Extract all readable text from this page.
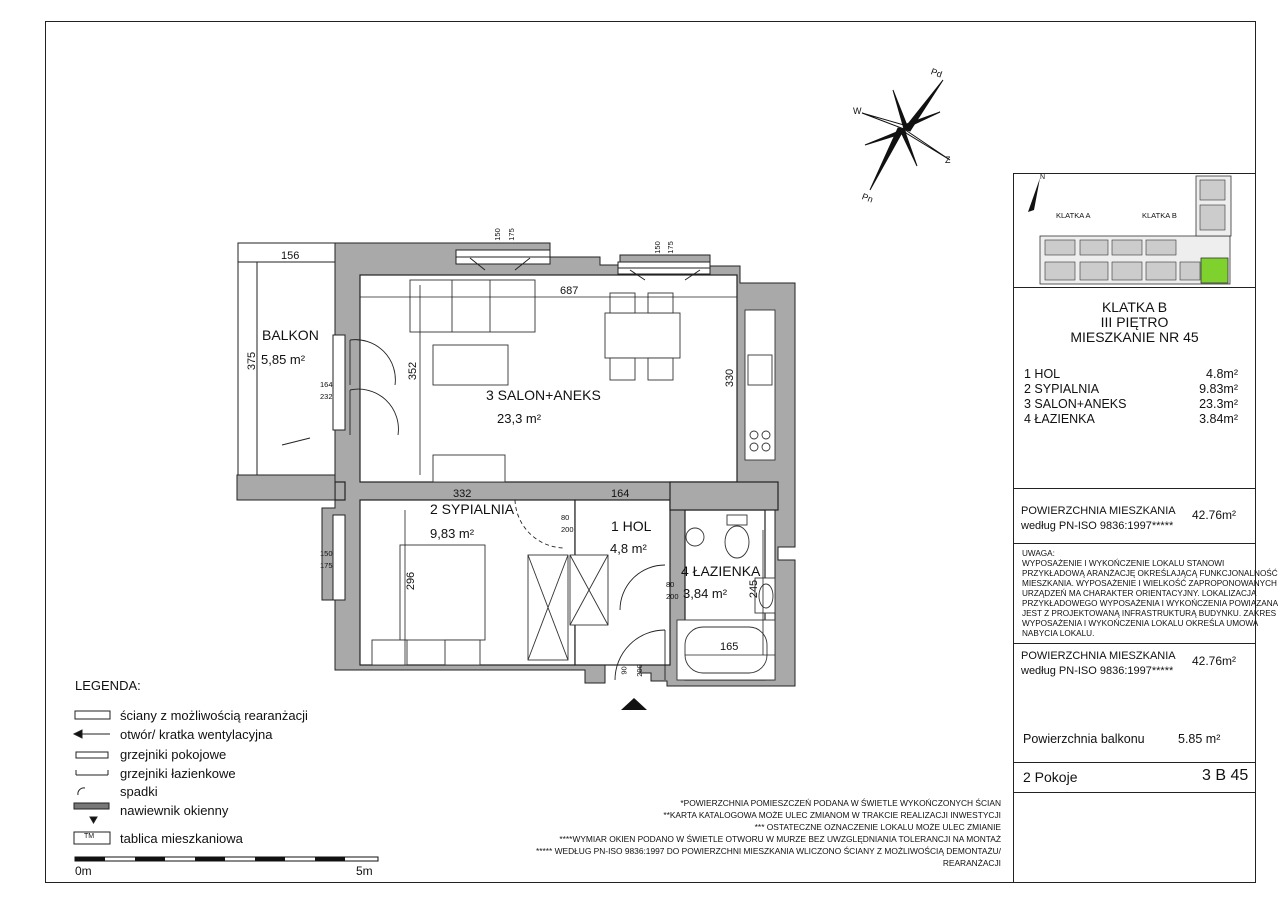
BALKON
5,85 m²
3 SALON+ANEKS
23,3 m²
2 SYPIALNIA
9,83 m²	1 HOL
4,8 m²
4 ŁAZIENKA
3,84 m²
156
375
687
352	330
332	164
296
165
245
150 175
150 175
150
175
164
232
80
200
80
200
90 200
Pd
W
Z
Pn
KLATKA A	KLATKA B
N
KLATKA B
III PIĘTRO
MIESZKANIE NR 45
1 HOL	4.8m²
2 SYPIALNIA	9.83m²
3 SALON+ANEKS	23.3m²
4 ŁAZIENKA	3.84m²
POWIERZCHNIA MIESZKANIA
według PN-ISO 9836:1997*****
42.76m²
UWAGA:
WYPOSAŻENIE I WYKOŃCZENIE LOKALU STANOWI
PRZYKŁADOWĄ ARANŻACJĘ OKREŚLAJĄCĄ FUNKCJONALNOŚĆ
MIESZKANIA. WYPOSAŻENIE I WIELKOŚĆ ZAPROPONOWANYCH
URZĄDZEŃ MA CHARAKTER ORIENTACYJNY. LOKALIZACJA
PRZYKŁADOWEGO WYPOSAŻENIA I WYKOŃCZENIA POWIĄZANA
JEST Z PROJEKTOWANĄ INFRASTRUKTURĄ BUDYNKU. ZAKRES
WYPOSAŻENIA I WYKOŃCZENIA LOKALU OKREŚLA UMOWA
NABYCIA LOKALU.
POWIERZCHNIA MIESZKANIA
według PN-ISO 9836:1997*****
42.76m²
Powierzchnia balkonu	5.85 m²
2 Pokoje	3 B 45
LEGENDA:
ściany z możliwością rearanżacji
otwór/ kratka wentylacyjna
grzejniki pokojowe
grzejniki łazienkowe
spadki
nawiewnik okienny
tablica mieszkaniowa
TM
0m	5m
*POWIERZCHNIA POMIESZCZEŃ PODANA W ŚWIETLE WYKOŃCZONYCH ŚCIAN
**KARTA KATALOGOWA MOŻE ULEC ZMIANOM W TRAKCIE REALIZACJI INWESTYCJI
*** OSTATECZNE OZNACZENIE LOKALU MOŻE ULEC ZMIANIE
****WYMIAR OKIEN PODANO W ŚWIETLE OTWORU W MURZE BEZ UWZGLĘDNIANIA TOLERANCJI NA MONTAŻ
***** WEDŁUG PN-ISO 9836:1997 DO POWIERZCHNI MIESZKANIA WLICZONO ŚCIANY Z MOŻLIWOŚCIĄ DEMONTAŻU/
REARANŻACJI
